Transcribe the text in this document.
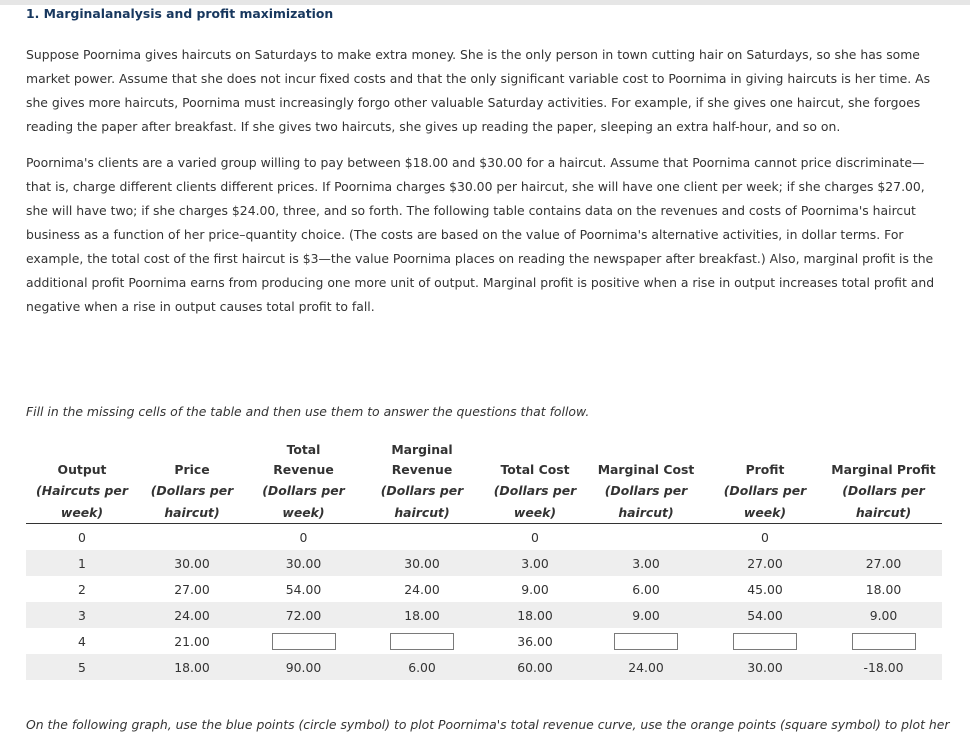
1. Marginalanalysis and profit maximization

Suppose Poornima gives haircuts on Saturdays to make extra money. She is the only person in town cutting hair on Saturdays, so she has some market power. Assume that she does not incur fixed costs and that the only significant variable cost to Poornima in giving haircuts is her time. As she gives more haircuts, Poornima must increasingly forgo other valuable Saturday activities. For example, if she gives one haircut, she forgoes reading the paper after breakfast. If she gives two haircuts, she gives up reading the paper, sleeping an extra half-hour, and so on.

Poornima's clients are a varied group willing to pay between $18.00 and $30.00 for a haircut. Assume that Poornima cannot price discriminate—that is, charge different clients different prices. If Poornima charges $30.00 per haircut, she will have one client per week; if she charges $27.00, she will have two; if she charges $24.00, three, and so forth. The following table contains data on the revenues and costs of Poornima's haircut business as a function of her price–quantity choice. (The costs are based on the value of Poornima's alternative activities, in dollar terms. For example, the total cost of the first haircut is $3—the value Poornima places on reading the newspaper after breakfast.) Also, marginal profit is the additional profit Poornima earns from producing one more unit of output. Marginal profit is positive when a rise in output increases total profit and negative when a rise in output causes total profit to fall.

Fill in the missing cells of the table and then use them to answer the questions that follow.
		Total	Marginal				
Output	Price	Revenue	Revenue	Total Cost	Marginal Cost	Profit	Marginal Profit
(Haircuts per	(Dollars per	(Dollars per	(Dollars per	(Dollars per	(Dollars per	(Dollars per	(Dollars per
week)	haircut)	week)	haircut)	week)	haircut)	week)	haircut)
0		0		0		0	
1	30.00	30.00	30.00	3.00	3.00	27.00	27.00
2	27.00	54.00	24.00	9.00	6.00	45.00	18.00
3	24.00	72.00	18.00	18.00	9.00	54.00	9.00
4	21.00			36.00			
5	18.00	90.00	6.00	60.00	24.00	30.00	-18.00
On the following graph, use the blue points (circle symbol) to plot Poornima's total revenue curve, use the orange points (square symbol) to plot her
